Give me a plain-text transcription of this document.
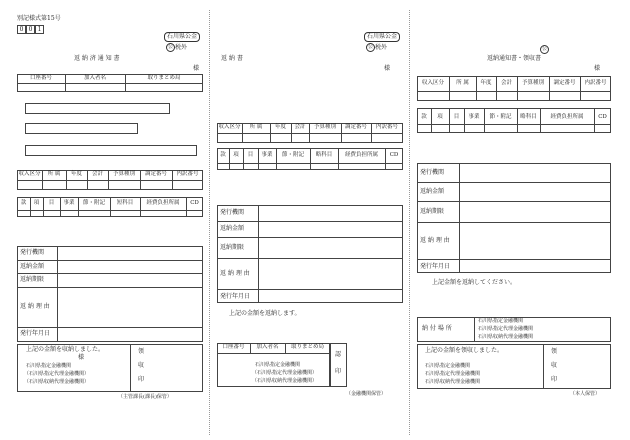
別記様式第15号
0 0 1
石川県公金
公 税外
返 納 済 通 知 書
様
口座番号	加入者名	取りまとめ局
収入区分	所 属	年度	会計	予算種別	調定番号	内訳番号
款	項	目	事業	節・附記	短科目	経費負担所属	CD
発行機関
返納金額
返納期限
返 納 理 由
発行年月日
上記の金額を収納しました。
様
石川県指定金融機関
（石川県指定代理金融機関）
（石川県収納代理金融機関）
領
収
印
（主管課長(課長)保管）
石川県公金
公 税外
返 納 書
様
収入区分	所 属	年度	会計	予算種別	調定番号	内訳番号
款	項	目	事業	節・附記	略科目	経費負担所属	CD
発行機関
返納金額
返納期限
返 納 理 由
発行年月日
上記の金額を返納します。
口座番号	加入者名	取りまとめ局
石川県指定金融機関
（石川県指定代理金融機関）
（石川県収納代理金融機関）
認
印
（金融機関保管）
公
返納通知書・領収書
様
収入区分	所 属	年度	会計	予算種別	調定番号	内訳番号
款	項	目	事業	節・附記	略科目	経費負担所属	CD
発行機関
返納金額
返納期限
返 納 理 由
発行年月日
上記金額を返納してください。
納 付 場 所
石川県指定金融機関
石川県指定代理金融機関
石川県収納代理金融機関
上記の金額を領収しました。
石川県指定金融機関
石川県指定代理金融機関
石川県収納代理金融機関
領
収
印
（本人保管）
